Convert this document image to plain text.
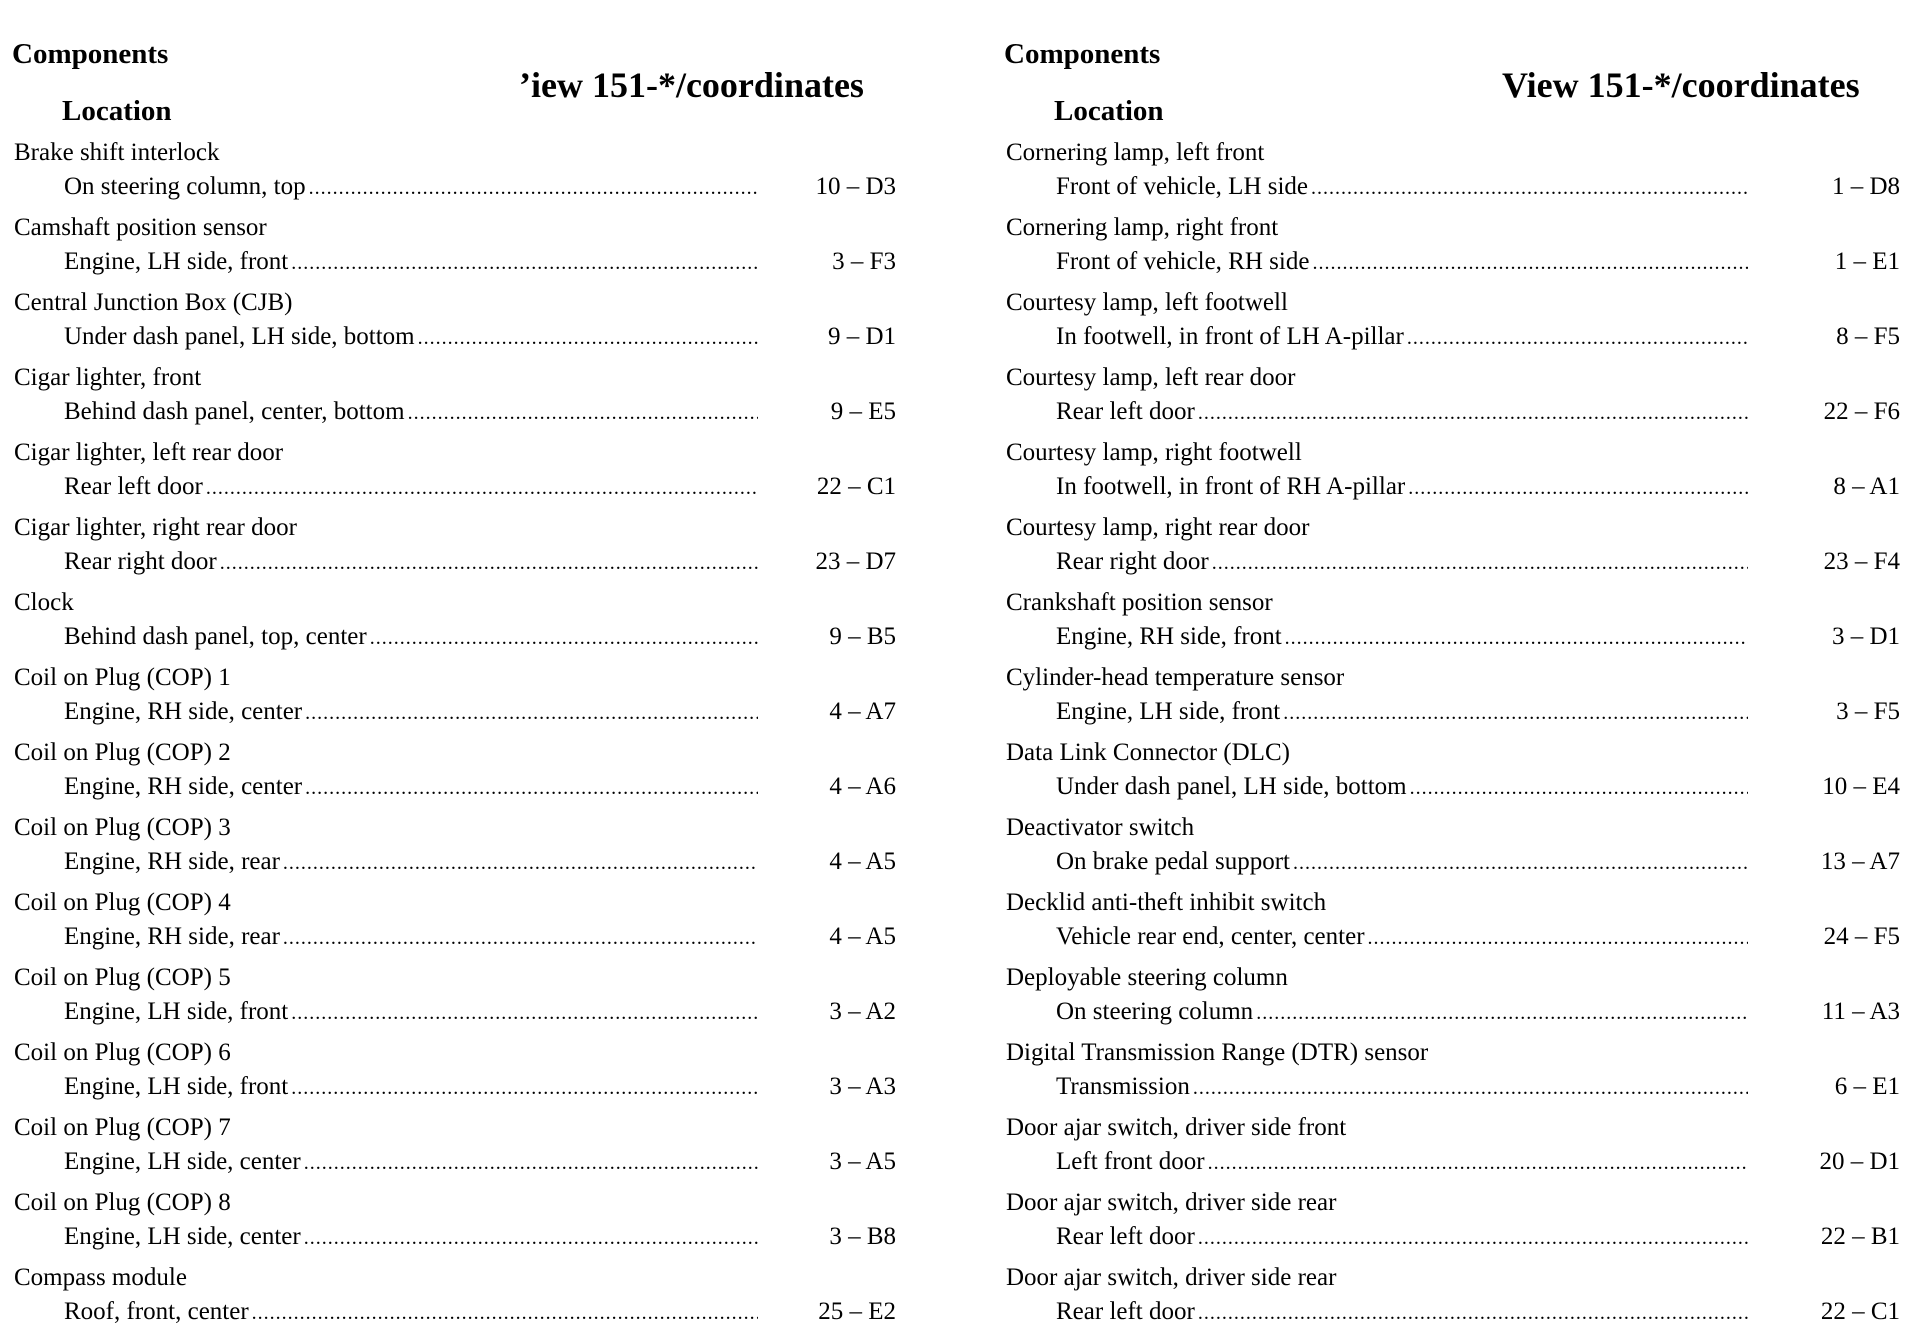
Components
Location
’iew 151-*/coordinates
Brake shift interlock
On steering column, top . . .	10 – D3
Camshaft position sensor
Engine, LH side, front . . .	3 – F3
Central Junction Box (CJB)
Under dash panel, LH side, bottom . . .	9 – D1
Cigar lighter, front
Behind dash panel, center, bottom . . .	9 – E5
Cigar lighter, left rear door
Rear left door . . .	22 – C1
Cigar lighter, right rear door
Rear right door . . .	23 – D7
Clock
Behind dash panel, top, center . . .	9 – B5
Coil on Plug (COP) 1
Engine, RH side, center . . .	4 – A7
Coil on Plug (COP) 2
Engine, RH side, center . . .	4 – A6
Coil on Plug (COP) 3
Engine, RH side, rear . . .	4 – A5
Coil on Plug (COP) 4
Engine, RH side, rear . . .	4 – A5
Coil on Plug (COP) 5
Engine, LH side, front . . .	3 – A2
Coil on Plug (COP) 6
Engine, LH side, front . . .	3 – A3
Coil on Plug (COP) 7
Engine, LH side, center . . .	3 – A5
Coil on Plug (COP) 8
Engine, LH side, center . . .	3 – B8
Compass module
Roof, front, center . . .	25 – E2
Components
Location
View 151-*/coordinates
Cornering lamp, left front
Front of vehicle, LH side . . .	1 – D8
Cornering lamp, right front
Front of vehicle, RH side . . .	1 – E1
Courtesy lamp, left footwell
In footwell, in front of LH A-pillar . . .	8 – F5
Courtesy lamp, left rear door
Rear left door . . .	22 – F6
Courtesy lamp, right footwell
In footwell, in front of RH A-pillar . . .	8 – A1
Courtesy lamp, right rear door
Rear right door . . .	23 – F4
Crankshaft position sensor
Engine, RH side, front . . .	3 – D1
Cylinder-head temperature sensor
Engine, LH side, front . . .	3 – F5
Data Link Connector (DLC)
Under dash panel, LH side, bottom . . .	10 – E4
Deactivator switch
On brake pedal support . . .	13 – A7
Decklid anti-theft inhibit switch
Vehicle rear end, center, center . . .	24 – F5
Deployable steering column
On steering column . . .	11 – A3
Digital Transmission Range (DTR) sensor
Transmission . . .	6 – E1
Door ajar switch, driver side front
Left front door . . .	20 – D1
Door ajar switch, driver side rear
Rear left door . . .	22 – B1
Door ajar switch, driver side rear
Rear left door . . .	22 – C1
